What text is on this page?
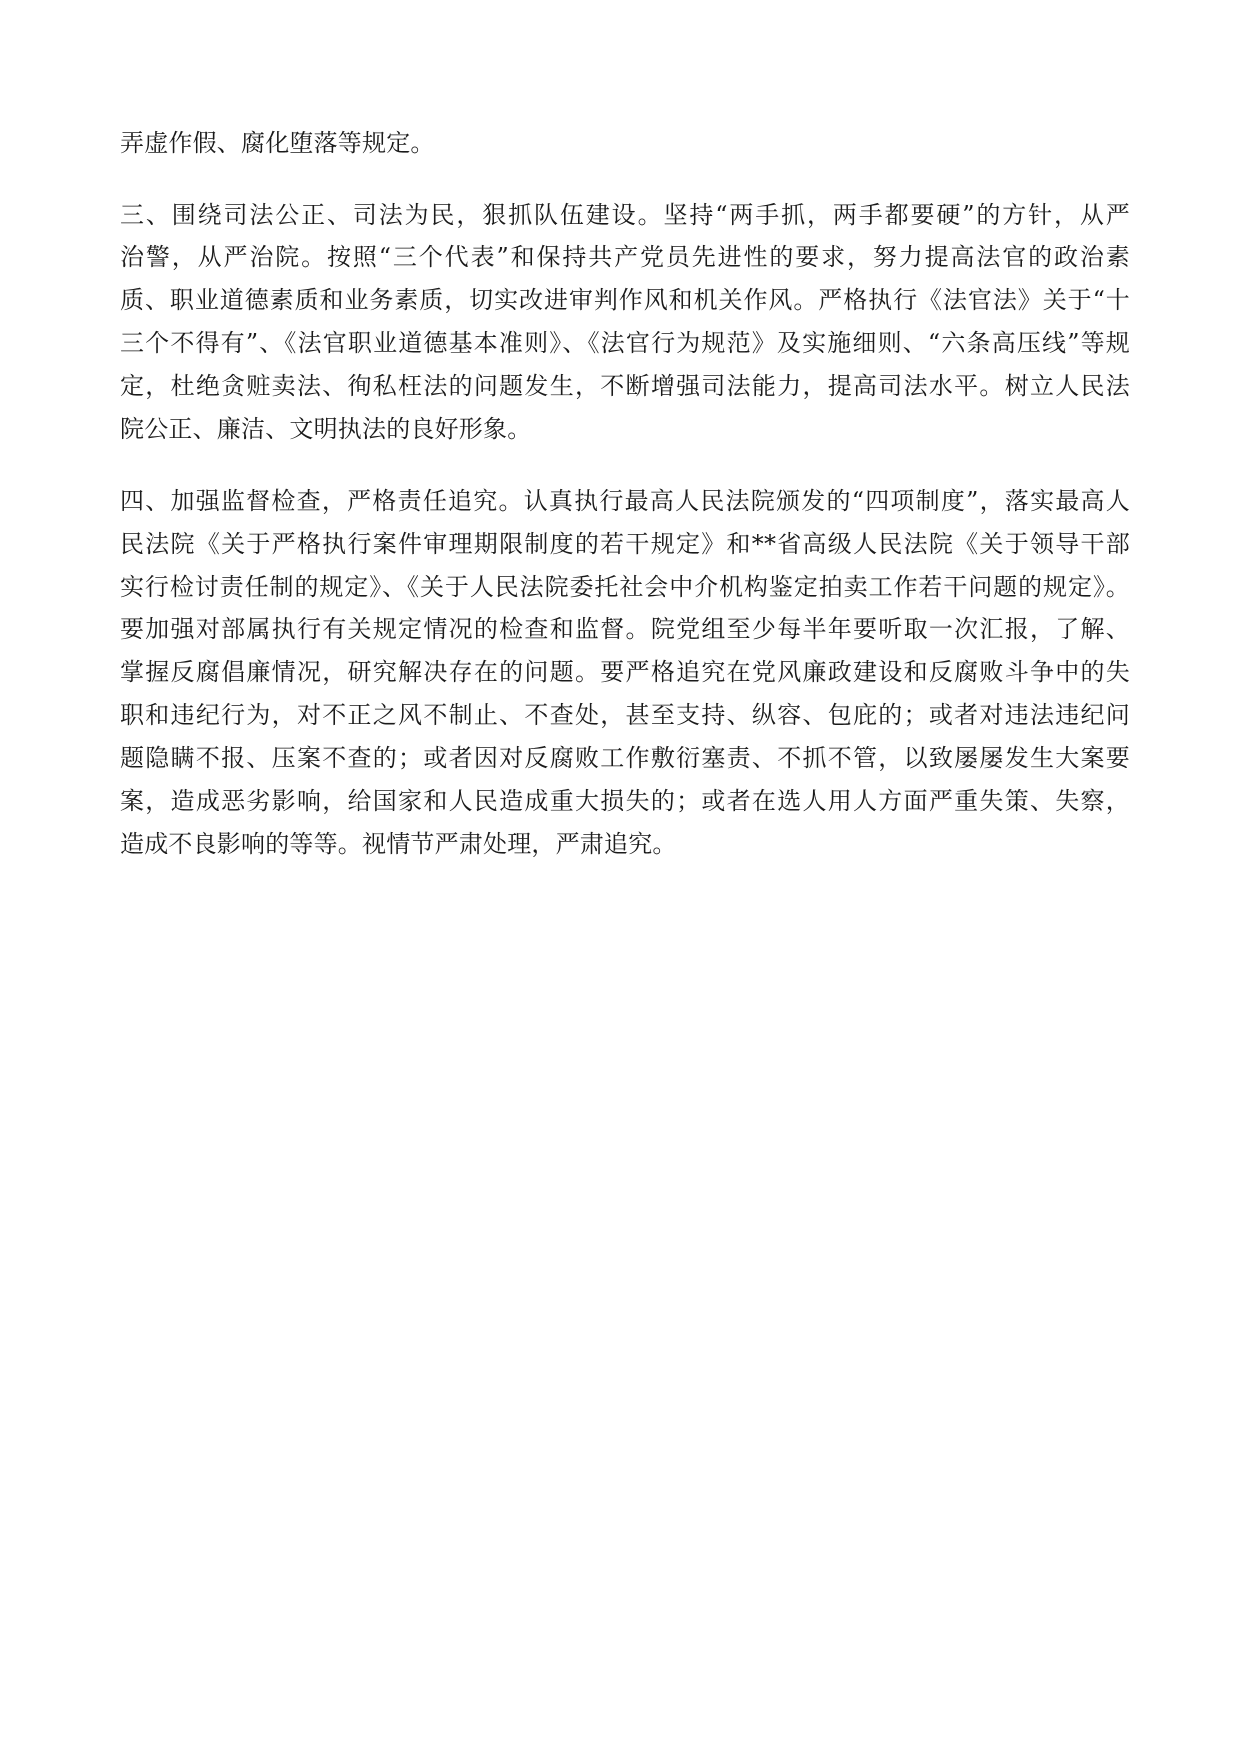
弄虚作假、腐化堕落等规定。
三、围绕司法公正、司法为民，狠抓队伍建设。坚持“两手抓，两手都要硬”的方针，从严
治警，从严治院。按照“三个代表”和保持共产党员先进性的要求，努力提高法官的政治素
质、职业道德素质和业务素质，切实改进审判作风和机关作风。严格执行《法官法》关于“十
三个不得有”、《法官职业道德基本准则》、《法官行为规范》及实施细则、“六条高压线”等规
定，杜绝贪赃卖法、徇私枉法的问题发生，不断增强司法能力，提高司法水平。树立人民法
院公正、廉洁、文明执法的良好形象。
四、加强监督检查，严格责任追究。认真执行最高人民法院颁发的“四项制度”，落实最高人
民法院《关于严格执行案件审理期限制度的若干规定》和**省高级人民法院《关于领导干部
实行检讨责任制的规定》、《关于人民法院委托社会中介机构鉴定拍卖工作若干问题的规定》。
要加强对部属执行有关规定情况的检查和监督。院党组至少每半年要听取一次汇报，了解、
掌握反腐倡廉情况，研究解决存在的问题。要严格追究在党风廉政建设和反腐败斗争中的失
职和违纪行为，对不正之风不制止、不查处，甚至支持、纵容、包庇的；或者对违法违纪问
题隐瞒不报、压案不查的；或者因对反腐败工作敷衍塞责、不抓不管，以致屡屡发生大案要
案，造成恶劣影响，给国家和人民造成重大损失的；或者在选人用人方面严重失策、失察，
造成不良影响的等等。视情节严肃处理，严肃追究。
